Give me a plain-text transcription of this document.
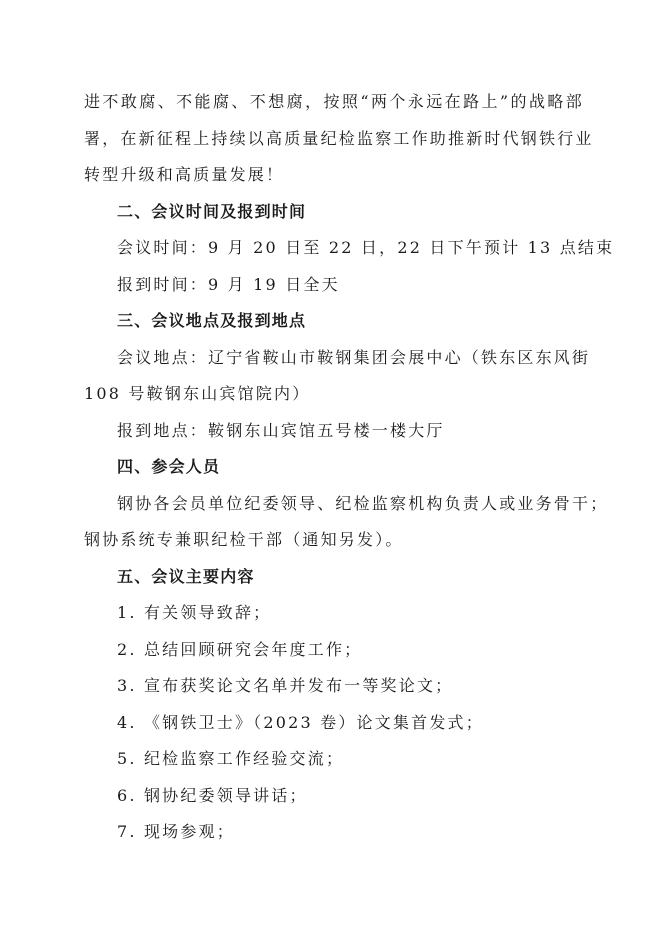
进不敢腐、不能腐、不想腐，按照“两个永远在路上”的战略部
署，在新征程上持续以高质量纪检监察工作助推新时代钢铁行业
转型升级和高质量发展！
二、会议时间及报到时间
会议时间：9 月 20 日至 22 日，22 日下午预计 13 点结束
报到时间：9 月 19 日全天
三、会议地点及报到地点
会议地点：辽宁省鞍山市鞍钢集团会展中心（铁东区东风街
108 号鞍钢东山宾馆院内）
报到地点：鞍钢东山宾馆五号楼一楼大厅
四、参会人员
钢协各会员单位纪委领导、纪检监察机构负责人或业务骨干；
钢协系统专兼职纪检干部（通知另发）。
五、会议主要内容
1. 有关领导致辞；
2. 总结回顾研究会年度工作；
3. 宣布获奖论文名单并发布一等奖论文；
4. 《钢铁卫士》（2023 卷）论文集首发式；
5. 纪检监察工作经验交流；
6. 钢协纪委领导讲话；
7. 现场参观；
